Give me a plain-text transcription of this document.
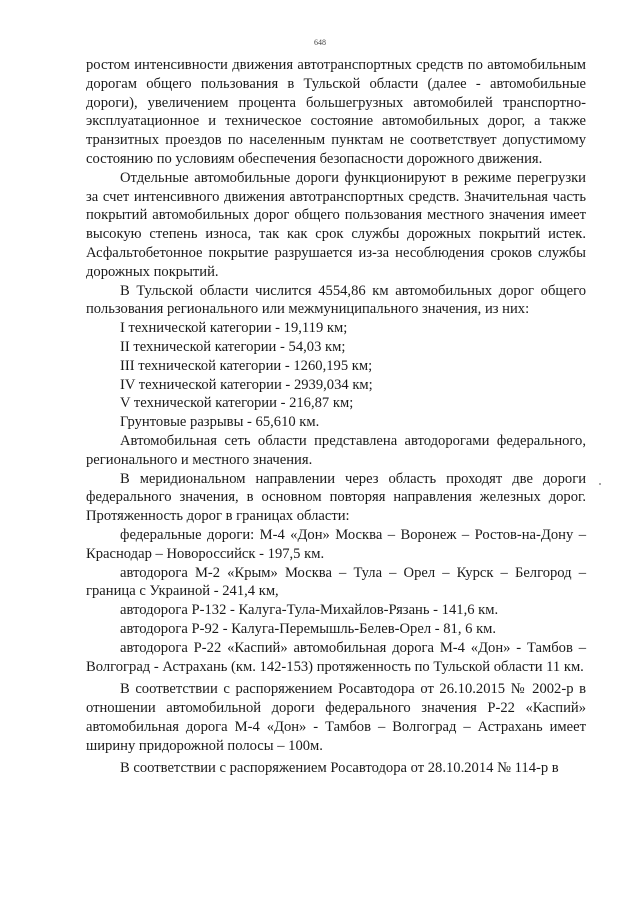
648

ростом интенсивности движения автотранспортных средств по автомобильным дорогам общего пользования в Тульской области (далее - автомобильные дороги), увеличением процента большегрузных автомобилей транспортно-эксплуатационное и техническое состояние автомобильных дорог, а также транзитных проездов по населенным пунктам не соответствует допустимому состоянию по условиям обеспечения безопасности дорожного движения.

Отдельные автомобильные дороги функционируют в режиме перегрузки за счет интенсивного движения автотранспортных средств. Значительная часть покрытий автомобильных дорог общего пользования местного значения имеет высокую степень износа, так как срок службы дорожных покрытий истек. Асфальтобетонное покрытие разрушается из-за несоблюдения сроков службы дорожных покрытий.

В Тульской области числится 4554,86 км автомобильных дорог общего пользования регионального или межмуниципального значения, из них:

I технической категории - 19,119 км;

II технической категории - 54,03 км;

III технической категории - 1260,195 км;

IV технической категории - 2939,034 км;

V технической категории - 216,87 км;

Грунтовые разрывы - 65,610 км.

Автомобильная сеть области представлена автодорогами федерального, регионального и местного значения.

В меридиональном направлении через область проходят две дороги федерального значения, в основном повторяя направления железных дорог. Протяженность дорог в границах области:

федеральные дороги: М-4 «Дон» Москва – Воронеж – Ростов-на-Дону – Краснодар – Новороссийск - 197,5 км.

автодорога М-2 «Крым» Москва – Тула – Орел – Курск – Белгород – граница с Украиной - 241,4 км,

автодорога Р-132 - Калуга-Тула-Михайлов-Рязань - 141,6 км.

автодорога Р-92 - Калуга-Перемышль-Белев-Орел - 81, 6 км.

автодорога Р-22 «Каспий» автомобильная дорога М-4 «Дон» - Тамбов – Волгоград - Астрахань (км. 142-153) протяженность по Тульской области 11 км.

В соответствии с распоряжением Росавтодора от 26.10.2015 № 2002-р в отношении автомобильной дороги федерального значения Р-22 «Каспий» автомобильная дорога М-4 «Дон» - Тамбов – Волгоград – Астрахань имеет ширину придорожной полосы – 100м.

В соответствии с распоряжением Росавтодора от 28.10.2014 № 114-р в
